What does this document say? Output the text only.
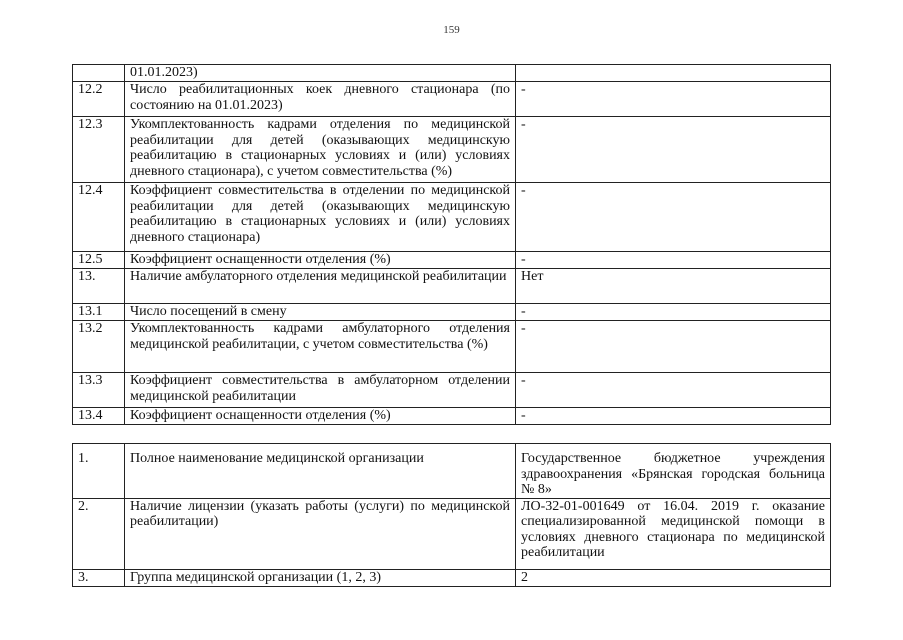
159
	01.01.2023)	
12.2	Число реабилитационных коек дневного стационара (по состоянию на 01.01.2023)	-
12.3	Укомплектованность кадрами отделения по медицинской реабилитации для детей (оказывающих медицинскую реабилитацию в стационарных условиях и (или) условиях дневного стационара), с учетом совместительства (%)	-
12.4	Коэффициент совместительства в отделении по медицинской реабилитации для детей (оказывающих медицинскую реабилитацию в стационарных условиях и (или) условиях дневного стационара)	-
12.5	Коэффициент оснащенности отделения (%)	-
13.	Наличие амбулаторного отделения медицинской реабилитации	Нет
13.1	Число посещений в смену	-
13.2	Укомплектованность кадрами амбулаторного отделения медицинской реабилитации, с учетом совместительства (%)	-
13.3	Коэффициент совместительства в амбулаторном отделении медицинской реабилитации	-
13.4	Коэффициент оснащенности отделения (%)	-
1.	Полное наименование медицинской организации	Государственное бюджетное учреждения здравоохранения «Брянская городская больница № 8»
2.	Наличие лицензии (указать работы (услуги) по медицинской реабилитации)	ЛО-32-01-001649 от 16.04. 2019 г. оказание специализированной медицинской помощи в условиях дневного стационара по медицинской реабилитации
3.	Группа медицинской организации (1, 2, 3)	2
